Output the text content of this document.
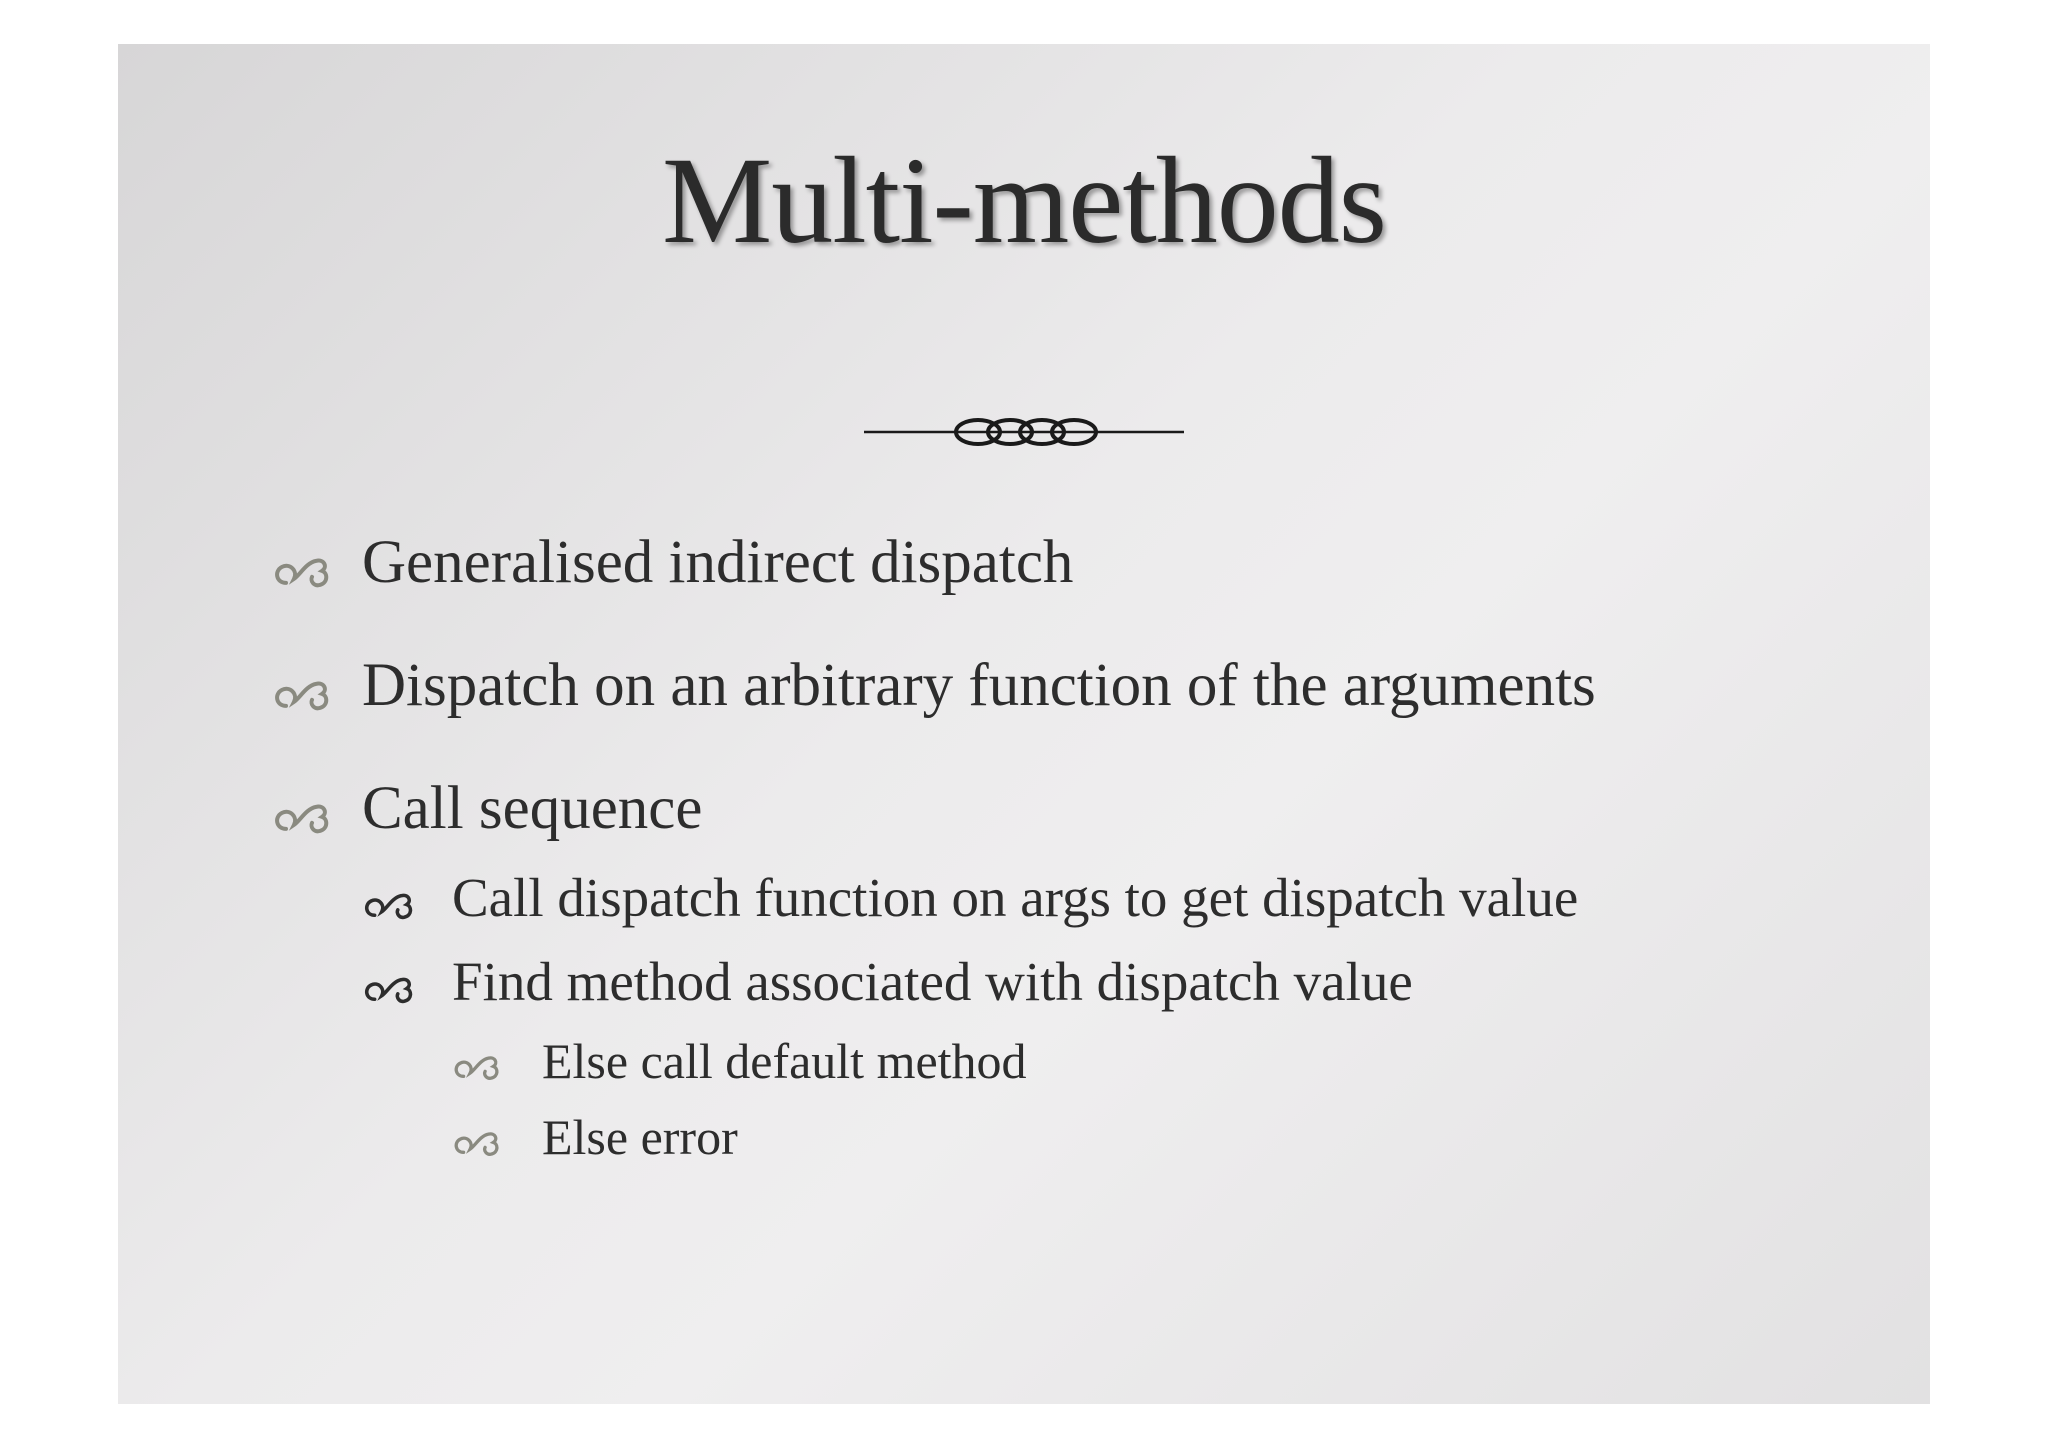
Multi-methods
Generalised indirect dispatch
Dispatch on an arbitrary function of the arguments
Call sequence
Call dispatch function on args to get dispatch value
Find method associated with dispatch value
Else call default method
Else error
